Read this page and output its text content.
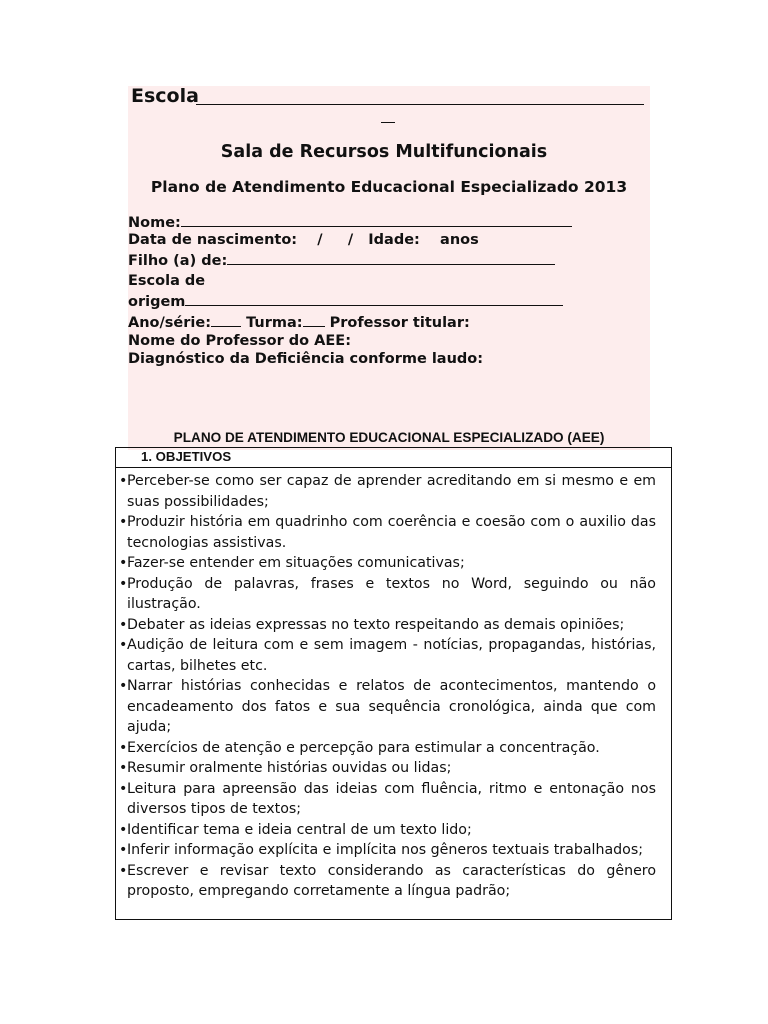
Escola
Sala de Recursos Multifuncionais
Plano de Atendimento Educacional Especializado 2013
Nome:
Data de nascimento:    /     /   Idade:    anos
Filho (a) de:
Escola de
origem
Ano/série: Turma: Professor titular:
Nome do Professor do AEE:
Diagnóstico da Deficiência conforme laudo:
PLANO DE ATENDIMENTO EDUCACIONAL ESPECIALIZADO (AEE)
1. OBJETIVOS
• Perceber-se como ser capaz de aprender acreditando em si mesmo e em suas possibilidades;
• Produzir história em quadrinho com coerência e coesão com o auxilio das tecnologias assistivas.
• Fazer-se entender em situações comunicativas;
• Produção de palavras, frases e textos no Word, seguindo ou não ilustração.
• Debater as ideias expressas no texto respeitando as demais opiniões;
• Audição de leitura com e sem imagem - notícias, propagandas, histórias, cartas, bilhetes etc.
• Narrar histórias conhecidas e relatos de acontecimentos, mantendo o encadeamento dos fatos e sua sequência cronológica, ainda que com ajuda;
• Exercícios de atenção e percepção para estimular a concentração.
• Resumir oralmente histórias ouvidas ou lidas;
• Leitura para apreensão das ideias com fluência, ritmo e entonação nos diversos tipos de textos;
• Identificar tema e ideia central de um texto lido;
• Inferir informação explícita e implícita nos gêneros textuais trabalhados;
• Escrever e revisar texto considerando as características do gênero proposto, empregando corretamente a língua padrão;
